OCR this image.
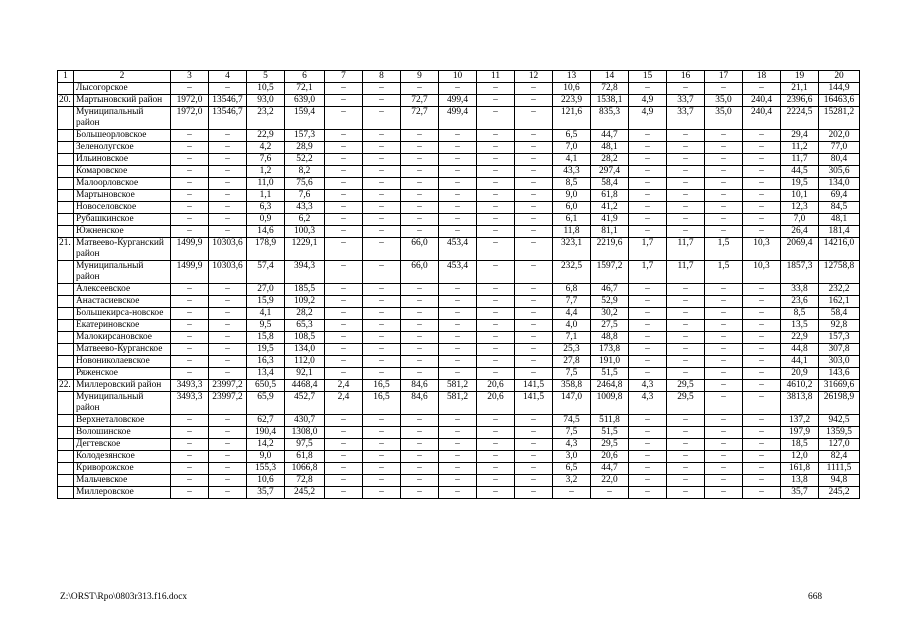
1	2	3	4	5	6	7	8	9	10	11	12	13	14	15	16	17	18	19	20
	Лысогорское	–	–	10,5	72,1	–	–	–	–	–	–	10,6	72,8	–	–	–	–	21,1	144,9
20.	Мартыновский район	1972,0	13546,7	93,0	639,0	–	–	72,7	499,4	–	–	223,9	1538,1	4,9	33,7	35,0	240,4	2396,6	16463,6
	Муниципальный район	1972,0	13546,7	23,2	159,4	–	–	72,7	499,4	–	–	121,6	835,3	4,9	33,7	35,0	240,4	2224,5	15281,2
	Большеорловское	–	–	22,9	157,3	–	–	–	–	–	–	6,5	44,7	–	–	–	–	29,4	202,0
	Зеленолугское	–	–	4,2	28,9	–	–	–	–	–	–	7,0	48,1	–	–	–	–	11,2	77,0
	Ильиновское	–	–	7,6	52,2	–	–	–	–	–	–	4,1	28,2	–	–	–	–	11,7	80,4
	Комаровское	–	–	1,2	8,2	–	–	–	–	–	–	43,3	297,4	–	–	–	–	44,5	305,6
	Малоорловское	–	–	11,0	75,6	–	–	–	–	–	–	8,5	58,4	–	–	–	–	19,5	134,0
	Мартыновское	–	–	1,1	7,6	–	–	–	–	–	–	9,0	61,8	–	–	–	–	10,1	69,4
	Новоселовское	–	–	6,3	43,3	–	–	–	–	–	–	6,0	41,2	–	–	–	–	12,3	84,5
	Рубашкинское	–	–	0,9	6,2	–	–	–	–	–	–	6,1	41,9	–	–	–	–	7,0	48,1
	Южненское	–	–	14,6	100,3	–	–	–	–	–	–	11,8	81,1	–	–	–	–	26,4	181,4
21.	Матвеево-Курганский район	1499,9	10303,6	178,9	1229,1	–	–	66,0	453,4	–	–	323,1	2219,6	1,7	11,7	1,5	10,3	2069,4	14216,0
	Муниципальный район	1499,9	10303,6	57,4	394,3	–	–	66,0	453,4	–	–	232,5	1597,2	1,7	11,7	1,5	10,3	1857,3	12758,8
	Алексеевское	–	–	27,0	185,5	–	–	–	–	–	–	6,8	46,7	–	–	–	–	33,8	232,2
	Анастасиевское	–	–	15,9	109,2	–	–	–	–	–	–	7,7	52,9	–	–	–	–	23,6	162,1
	Большекирса-новское	–	–	4,1	28,2	–	–	–	–	–	–	4,4	30,2	–	–	–	–	8,5	58,4
	Екатериновское	–	–	9,5	65,3	–	–	–	–	–	–	4,0	27,5	–	–	–	–	13,5	92,8
	Малокирсановское	–	–	15,8	108,5	–	–	–	–	–	–	7,1	48,8	–	–	–	–	22,9	157,3
	Матвеево-Курганское	–	–	19,5	134,0	–	–	–	–	–	–	25,3	173,8	–	–	–	–	44,8	307,8
	Новониколаевское	–	–	16,3	112,0	–	–	–	–	–	–	27,8	191,0	–	–	–	–	44,1	303,0
	Ряженское	–	–	13,4	92,1	–	–	–	–	–	–	7,5	51,5	–	–	–	–	20,9	143,6
22.	Миллеровский район	3493,3	23997,2	650,5	4468,4	2,4	16,5	84,6	581,2	20,6	141,5	358,8	2464,8	4,3	29,5	–	–	4610,2	31669,6
	Муниципальный район	3493,3	23997,2	65,9	452,7	2,4	16,5	84,6	581,2	20,6	141,5	147,0	1009,8	4,3	29,5	–	–	3813,8	26198,9
	Верхнеталовское	–	–	62,7	430,7	–	–	–	–	–	–	74,5	511,8	–	–	–	–	137,2	942,5
	Волошинское	–	–	190,4	1308,0	–	–	–	–	–	–	7,5	51,5	–	–	–	–	197,9	1359,5
	Дегтевское	–	–	14,2	97,5	–	–	–	–	–	–	4,3	29,5	–	–	–	–	18,5	127,0
	Колодезянское	–	–	9,0	61,8	–	–	–	–	–	–	3,0	20,6	–	–	–	–	12,0	82,4
	Криворожское	–	–	155,3	1066,8	–	–	–	–	–	–	6,5	44,7	–	–	–	–	161,8	1111,5
	Мальчевское	–	–	10,6	72,8	–	–	–	–	–	–	3,2	22,0	–	–	–	–	13,8	94,8
	Миллеровское	–	–	35,7	245,2	–	–	–	–	–	–	–	–	–	–	–	–	35,7	245,2
Z:\ORST\Rpo\0803r313.f16.docx	668
